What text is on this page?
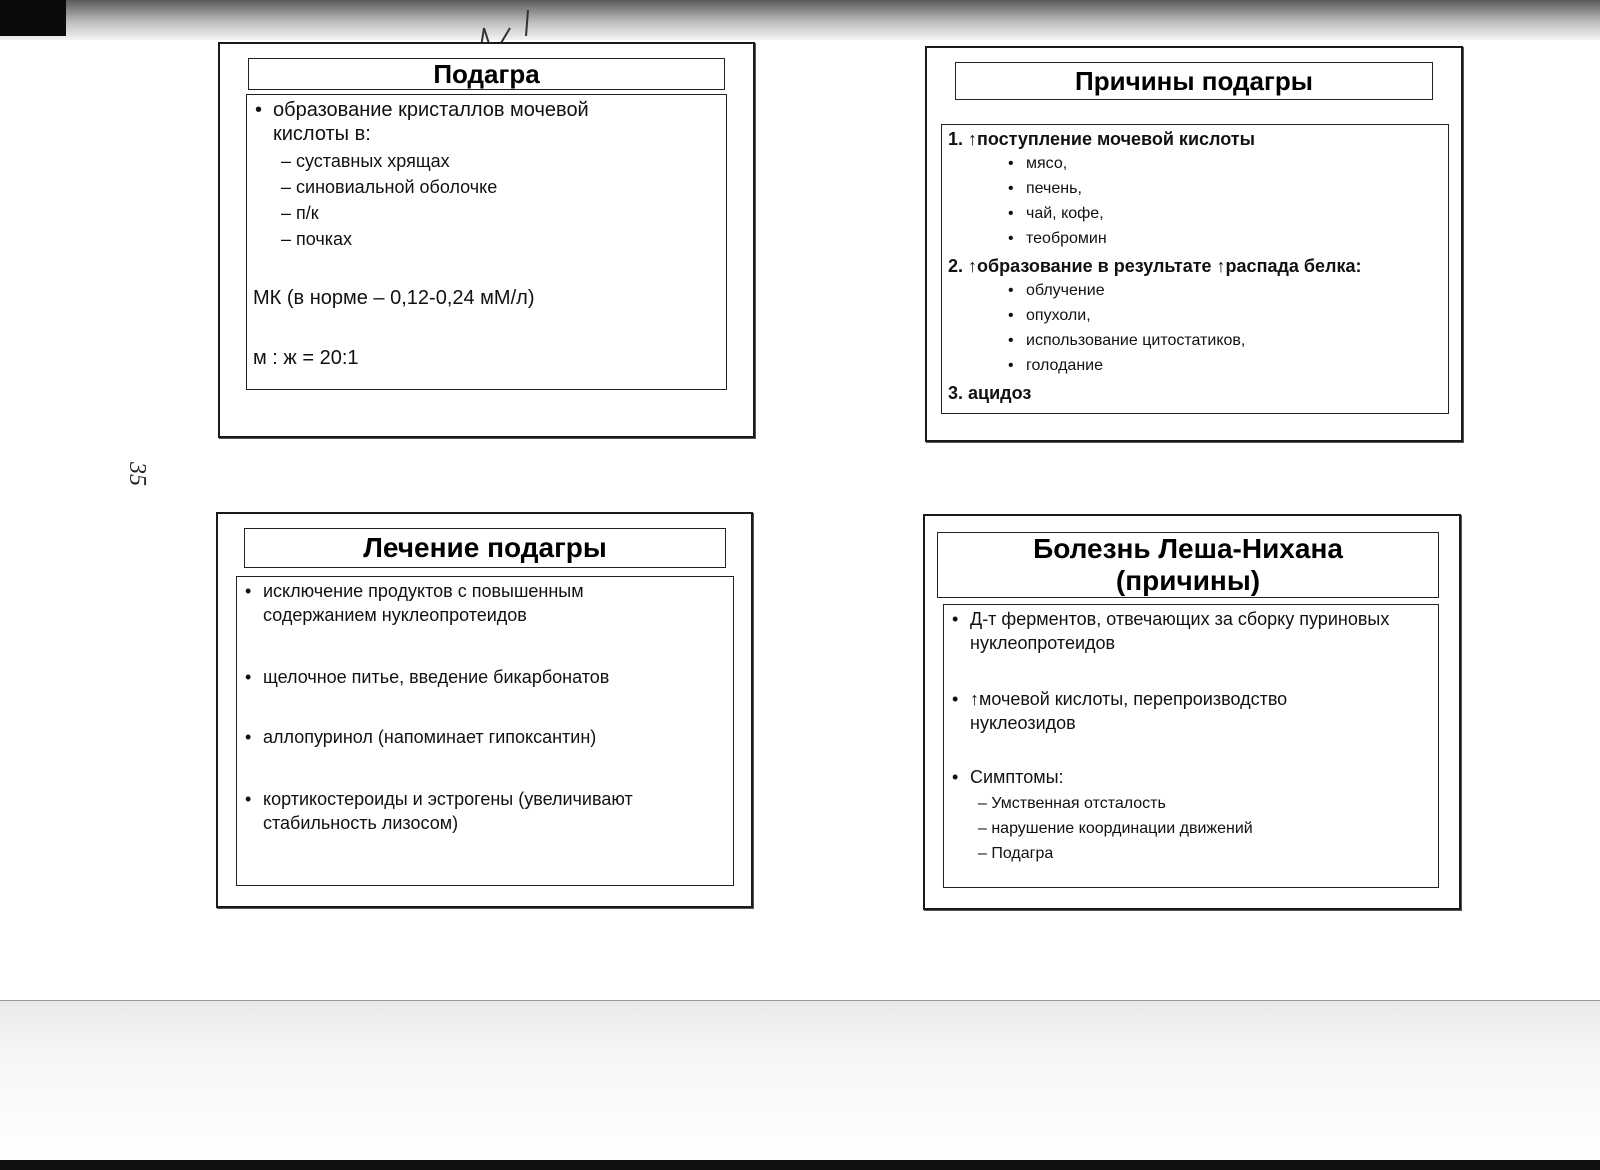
35
Подагра
• образование кристаллов мочевой
кислоты в:
– суставных хрящах
– синовиальной оболочке
– п/к
– почках
МК (в норме – 0,12-0,24 мМ/л)
м : ж = 20:1
Причины подагры
1. ↑поступление мочевой кислоты
• мясо,
• печень,
• чай, кофе,
• теобромин
2. ↑образование в результате ↑распада белка:
• облучение
• опухоли,
• использование цитостатиков,
• голодание
3. ацидоз
Лечение подагры
• исключение продуктов с повышенным
содержанием нуклеопротеидов
• щелочное питье, введение бикарбонатов
• аллопуринол (напоминает гипоксантин)
• кортикостероиды и эстрогены (увеличивают
стабильность лизосом)
Болезнь Леша-Нихана
(причины)
• Д-т ферментов, отвечающих за сборку пуриновых
нуклеопротеидов
• ↑мочевой кислоты, перепроизводство
нуклеозидов
• Симптомы:
– Умственная отсталость
– нарушение координации движений
– Подагра
